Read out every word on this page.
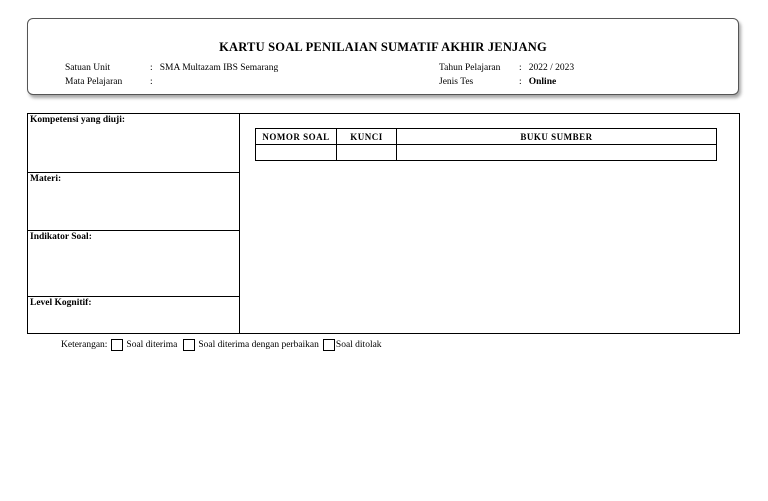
KARTU SOAL PENILAIAN SUMATIF AKHIR JENJANG
Satuan Unit	: SMA Multazam IBS Semarang
Mata Pelajaran	:
Tahun Pelajaran : 2022 / 2023
Jenis Tes	: Online
Kompetensi yang diuji:
Materi:
Indikator Soal:
Level Kognitif:
NOMOR SOAL	KUNCI	BUKU SUMBER

Keterangan: Soal diterima Soal diterima dengan perbaikan Soal ditolak
